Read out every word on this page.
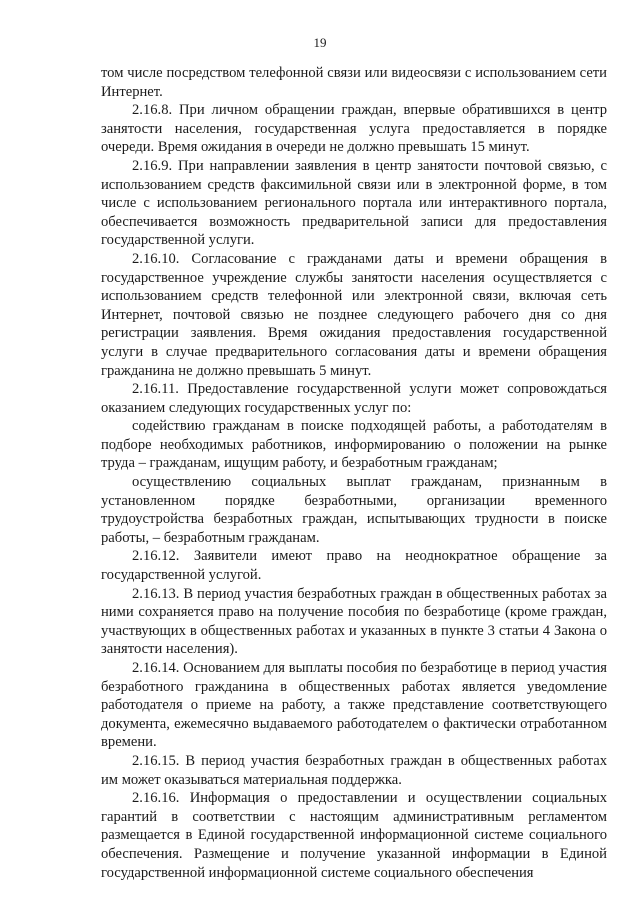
19

том числе посредством телефонной связи или видеосвязи с использованием сети Интернет.

2.16.8. При личном обращении граждан, впервые обратившихся в центр занятости населения, государственная услуга предоставляется в порядке очереди. Время ожидания в очереди не должно превышать 15 минут.

2.16.9. При направлении заявления в центр занятости почтовой связью, с использованием средств факсимильной связи или в электронной форме, в том числе с использованием регионального портала или интерактивного портала, обеспечивается возможность предварительной записи для предоставления государственной услуги.

2.16.10. Согласование с гражданами даты и времени обращения в государственное учреждение службы занятости населения осуществляется с использованием средств телефонной или электронной связи, включая сеть Интернет, почтовой связью не позднее следующего рабочего дня со дня регистрации заявления. Время ожидания предоставления государственной услуги в случае предварительного согласования даты и времени обращения гражданина не должно превышать 5 минут.

2.16.11. Предоставление государственной услуги может сопровождаться оказанием следующих государственных услуг по:

содействию гражданам в поиске подходящей работы, а работодателям в подборе необходимых работников, информированию о положении на рынке труда – гражданам, ищущим работу, и безработным гражданам;

осуществлению социальных выплат гражданам, признанным в установленном порядке безработными, организации временного трудоустройства безработных граждан, испытывающих трудности в поиске работы, – безработным гражданам.

2.16.12. Заявители имеют право на неоднократное обращение за государственной услугой.

2.16.13. В период участия безработных граждан в общественных работах за ними сохраняется право на получение пособия по безработице (кроме граждан, участвующих в общественных работах и указанных в пункте 3 статьи 4 Закона о занятости населения).

2.16.14. Основанием для выплаты пособия по безработице в период участия безработного гражданина в общественных работах является уведомление работодателя о приеме на работу, а также представление соответствующего документа, ежемесячно выдаваемого работодателем о фактически отработанном времени.

2.16.15. В период участия безработных граждан в общественных работах им может оказываться материальная поддержка.

2.16.16. Информация о предоставлении и осуществлении социальных гарантий в соответствии с настоящим административным регламентом размещается в Единой государственной информационной системе социального обеспечения. Размещение и получение указанной информации в Единой государственной информационной системе социального обеспечения
